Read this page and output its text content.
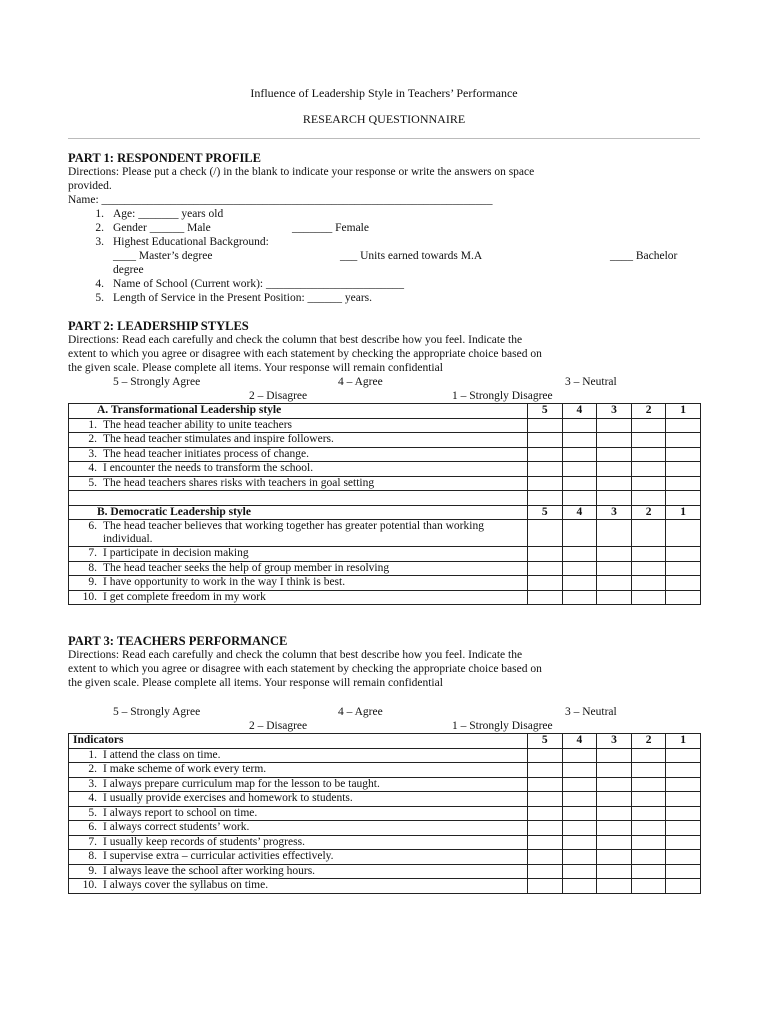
Influence of Leadership Style in Teachers’ Performance
RESEARCH QUESTIONNAIRE
PART 1: RESPONDENT PROFILE
Directions: Please put a check (/) in the blank to indicate your response or write the answers on space
provided.
Name: ____________________________________________________________________
1. Age: _______ years old
2. Gender ______ Male	_______ Female
3. Highest Educational Background:
____ Master’s degree	___ Units earned towards M.A	____ Bachelor
degree
4. Name of School (Current work): ________________________
5. Length of Service in the Present Position: ______ years.
PART 2: LEADERSHIP STYLES
Directions: Read each carefully and check the column that best describe how you feel. Indicate the
extent to which you agree or disagree with each statement by checking the appropriate choice based on
the given scale. Please complete all items. Your response will remain confidential
5 – Strongly Agree	4 – Agree	3 – Neutral
2 – Disagree	1 – Strongly Disagree
A. Transformational Leadership style	5	4	3	2	1
1. The head teacher ability to unite teachers					
2. The head teacher stimulates and inspire followers.					
3. The head teacher initiates process of change.					
4. I encounter the needs to transform the school.					
5. The head teachers shares risks with teachers in goal setting					

B. Democratic Leadership style	5	4	3	2	1
6. The head teacher believes that working together has greater potential than working individual.					
7. I participate in decision making					
8. The head teacher seeks the help of group member in resolving					
9. I have opportunity to work in the way I think is best.					
10. I get complete freedom in my work					
PART 3: TEACHERS PERFORMANCE
Directions: Read each carefully and check the column that best describe how you feel. Indicate the
extent to which you agree or disagree with each statement by checking the appropriate choice based on
the given scale. Please complete all items. Your response will remain confidential
5 – Strongly Agree	4 – Agree	3 – Neutral
2 – Disagree	1 – Strongly Disagree
Indicators	5	4	3	2	1
1. I attend the class on time.					
2. I make scheme of work every term.					
3. I always prepare curriculum map for the lesson to be taught.					
4. I usually provide exercises and homework to students.					
5. I always report to school on time.					
6. I always correct students’ work.					
7. I usually keep records of students’ progress.					
8. I supervise extra – curricular activities effectively.					
9. I always leave the school after working hours.					
10. I always cover the syllabus on time.					
